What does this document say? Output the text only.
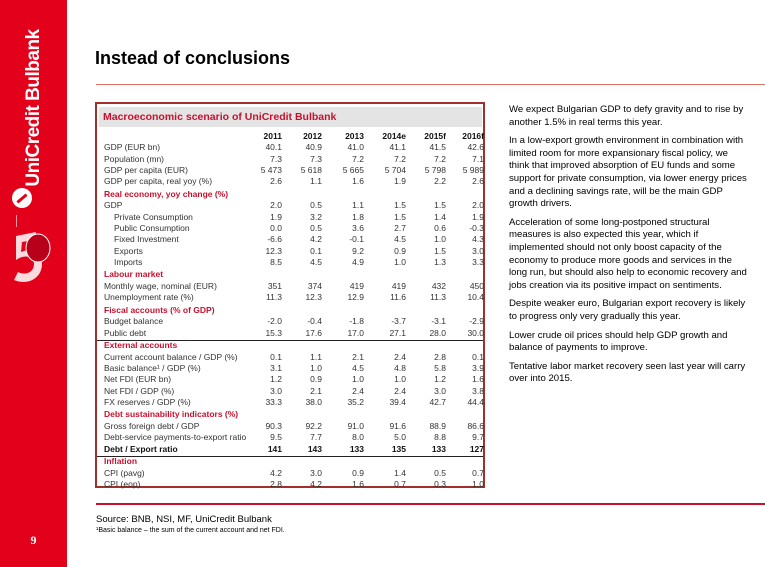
UniCredit Bulbank
9
Instead of conclusions
Macroeconomic scenario of UniCredit Bulbank
2011	2012	2013	2014e	2015f	2016f
GDP (EUR bn)	40.1	40.9	41.0	41.1	41.5	42.6
Population (mn)	7.3	7.3	7.2	7.2	7.2	7.1
GDP per capita (EUR)	5 473	5 618	5 665	5 704	5 798	5 989
GDP per capita, real yoy (%)	2.6	1.1	1.6	1.9	2.2	2.6
Real economy, yoy change (%)
GDP	2.0	0.5	1.1	1.5	1.5	2.0
Private Consumption	1.9	3.2	1.8	1.5	1.4	1.9
Public Consumption	0.0	0.5	3.6	2.7	0.6	-0.3
Fixed Investment	-6.6	4.2	-0.1	4.5	1.0	4.3
Exports	12.3	0.1	9.2	0.9	1.5	3.0
Imports	8.5	4.5	4.9	1.0	1.3	3.3
Labour market
Monthly wage, nominal (EUR)	351	374	419	419	432	450
Unemployment rate (%)	11.3	12.3	12.9	11.6	11.3	10.4
Fiscal accounts (% of GDP)
Budget balance	-2.0	-0.4	-1.8	-3.7	-3.1	-2.9
Public debt	15.3	17.6	17.0	27.1	28.0	30.0
External accounts
Current account balance / GDP (%)	0.1	1.1	2.1	2.4	2.8	0.1
Basic balance¹ / GDP (%)	3.1	1.0	4.5	4.8	5.8	3.9
Net FDI (EUR bn)	1.2	0.9	1.0	1.0	1.2	1.6
Net FDI / GDP (%)	3.0	2.1	2.4	2.4	3.0	3.8
FX reserves / GDP (%)	33.3	38.0	35.2	39.4	42.7	44.4
Debt sustainability indicators (%)
Gross foreign debt / GDP	90.3	92.2	91.0	91.6	88.9	86.6
Debt-service payments-to-export ratio	9.5	7.7	8.0	5.0	8.8	9.7
Debt / Export ratio	141	143	133	135	133	127
Inflation
CPI (pavg)	4.2	3.0	0.9	1.4	0.5	0.7
CPI (eop)	2.8	4.2	1.6	0.7	0.3	1.0
Source: BNB, NSI, MF, UniCredit Bulbank
¹Basic balance – the sum of the current account and net FDI.

We expect Bulgarian GDP to defy gravity and to rise by another 1.5% in real terms this year.

In a low-export growth environment in combination with limited room for more expansionary fiscal policy, we think that improved absorption of EU funds and some support for private consumption, via lower energy prices and a declining savings rate, will be the main GDP growth drivers.

Acceleration of some long-postponed structural measures is also expected this year, which if implemented should not only boost capacity of the economy to produce more goods and services in the long run, but should also help to economic recovery and jobs creation via its positive impact on sentiments.

Despite weaker euro, Bulgarian export recovery is likely to progress only very gradually this year.

Lower crude oil prices should help GDP growth and balance of payments to improve.

Tentative labor market recovery seen last year will carry over into 2015.
